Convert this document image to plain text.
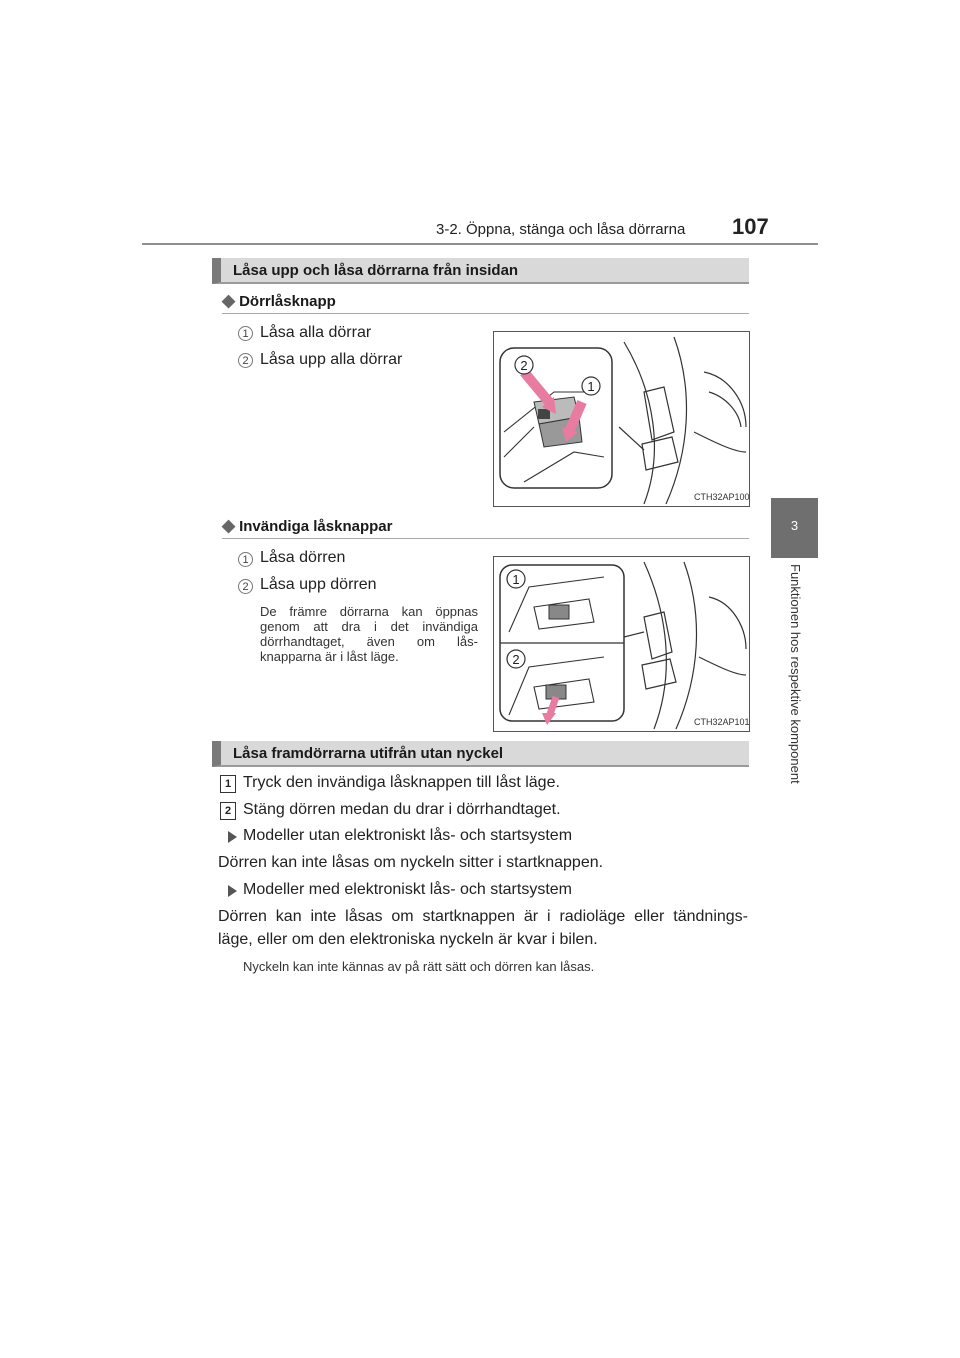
3-2. Öppna, stänga och låsa dörrarna 107
3
Funktionen hos respektive komponent
Låsa upp och låsa dörrarna från insidan
◆ Dörrlåsknapp
1 Låsa alla dörrar
2 Låsa upp alla dörrar	2
1
CTH32AP100
◆ Invändiga låsknappar
1 Låsa dörren
2 Låsa upp dörren
De främre dörrarna kan öppnas genom att dra i det invändiga dörrhandtaget, även om lås-knapparna är i låst läge.
1
2
CTH32AP101
Låsa framdörrarna utifrån utan nyckel
1 Tryck den invändiga låsknappen till låst läge.
2 Stäng dörren medan du drar i dörrhandtaget.
Modeller utan elektroniskt lås- och startsystem
Dörren kan inte låsas om nyckeln sitter i startknappen.
Modeller med elektroniskt lås- och startsystem
Dörren kan inte låsas om startknappen är i radioläge eller tändnings-
läge, eller om den elektroniska nyckeln är kvar i bilen.
Nyckeln kan inte kännas av på rätt sätt och dörren kan låsas.
